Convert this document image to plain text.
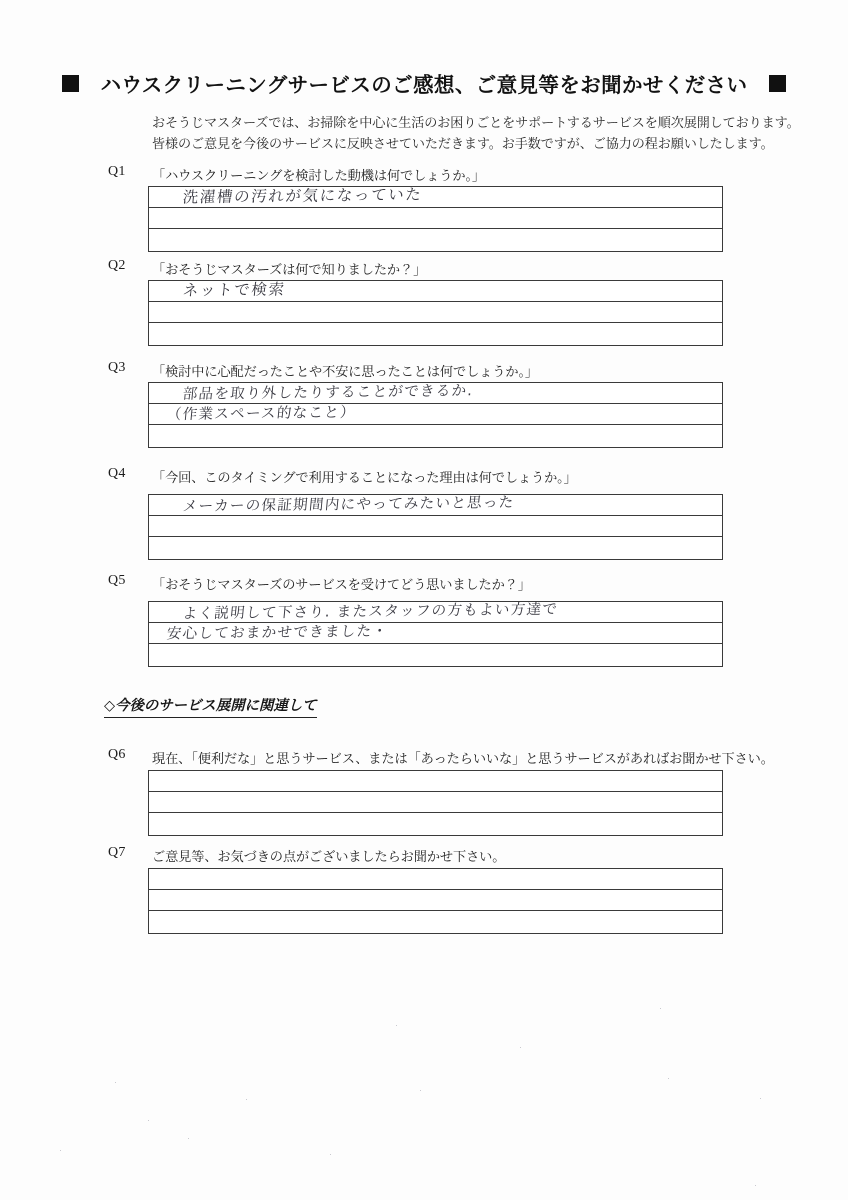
ハウスクリーニングサービスのご感想、ご意見等をお聞かせください
おそうじマスターズでは、お掃除を中心に生活のお困りごとをサポートするサービスを順次展開しております。
皆様のご意見を今後のサービスに反映させていただきます。お手数ですが、ご協力の程お願いしたします。
Q1 「ハウスクリーニングを検討した動機は何でしょうか。」
洗濯槽の汚れが気になっていた
Q2 「おそうじマスターズは何で知りましたか？」
ネットで検索
Q3 「検討中に心配だったことや不安に思ったことは何でしょうか。」
部品を取り外したりすることができるか.
（作業スペース的なこと）
Q4 「今回、このタイミングで利用することになった理由は何でしょうか。」
メーカーの保証期間内にやってみたいと思った
Q5 「おそうじマスターズのサービスを受けてどう思いましたか？」
よく説明して下さり. またスタッフの方もよい方達で
安心しておまかせできました・
◇今後のサービス展開に関連して
Q6 現在、「便利だな」と思うサービス、または「あったらいいな」と思うサービスがあればお聞かせ下さい。
Q7 ご意見等、お気づきの点がございましたらお聞かせ下さい。
